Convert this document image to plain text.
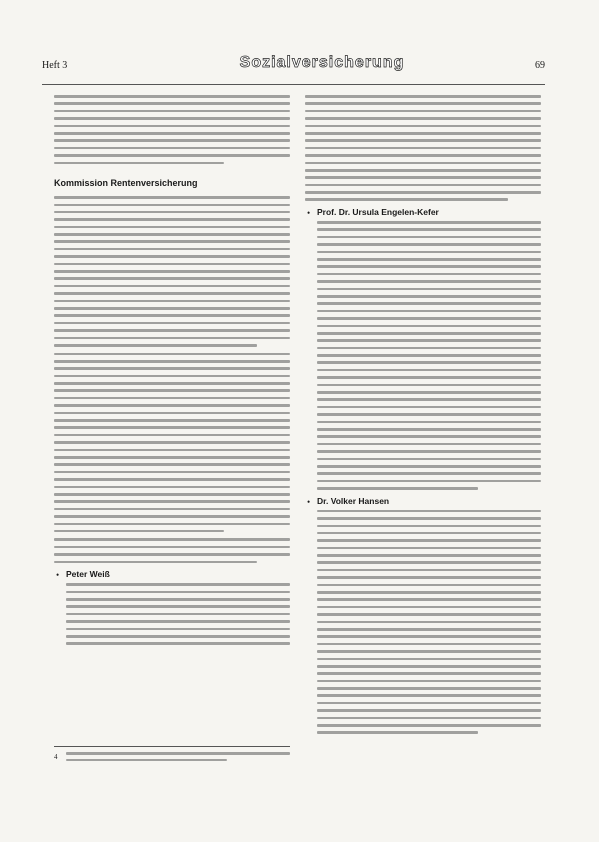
Heft 3	Sozialversicherung	69
Kommission Rentenversicherung
• Peter Weiß
• Prof. Dr. Ursula Engelen-Kefer
• Dr. Volker Hansen
4
